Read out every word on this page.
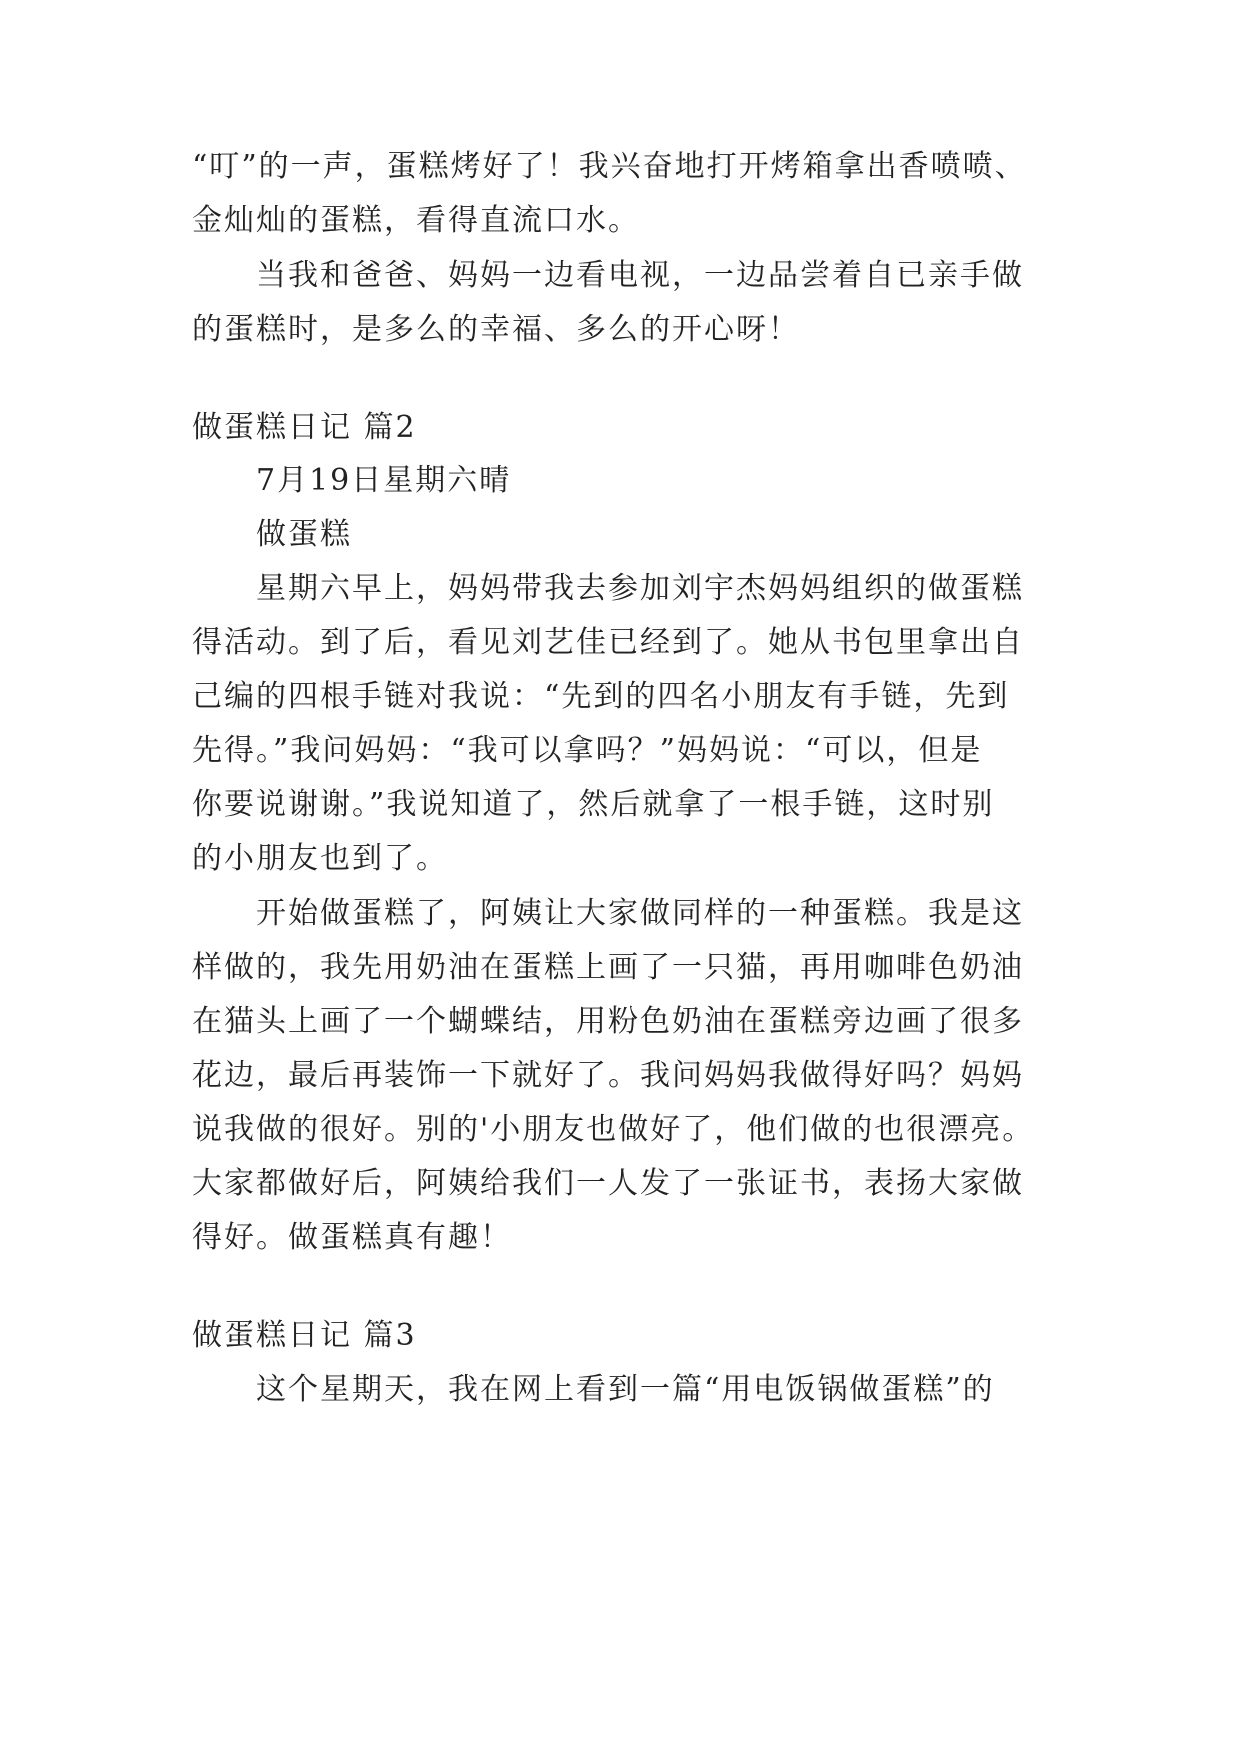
“叮”的一声，蛋糕烤好了！我兴奋地打开烤箱拿出香喷喷、
金灿灿的蛋糕，看得直流口水。
当我和爸爸、妈妈一边看电视，一边品尝着自已亲手做
的蛋糕时，是多么的幸福、多么的开心呀！
做蛋糕日记 篇2
7月19日星期六晴
做蛋糕
星期六早上，妈妈带我去参加刘宇杰妈妈组织的做蛋糕
得活动。到了后，看见刘艺佳已经到了。她从书包里拿出自
己编的四根手链对我说：“先到的四名小朋友有手链，先到
先得。”我问妈妈：“我可以拿吗？”妈妈说：“可以，但是
你要说谢谢。”我说知道了，然后就拿了一根手链，这时别
的小朋友也到了。
开始做蛋糕了，阿姨让大家做同样的一种蛋糕。我是这
样做的，我先用奶油在蛋糕上画了一只猫，再用咖啡色奶油
在猫头上画了一个蝴蝶结，用粉色奶油在蛋糕旁边画了很多
花边，最后再装饰一下就好了。我问妈妈我做得好吗？妈妈
说我做的很好。别的'小朋友也做好了，他们做的也很漂亮。
大家都做好后，阿姨给我们一人发了一张证书，表扬大家做
得好。做蛋糕真有趣！
做蛋糕日记 篇3
这个星期天，我在网上看到一篇“用电饭锅做蛋糕”的
